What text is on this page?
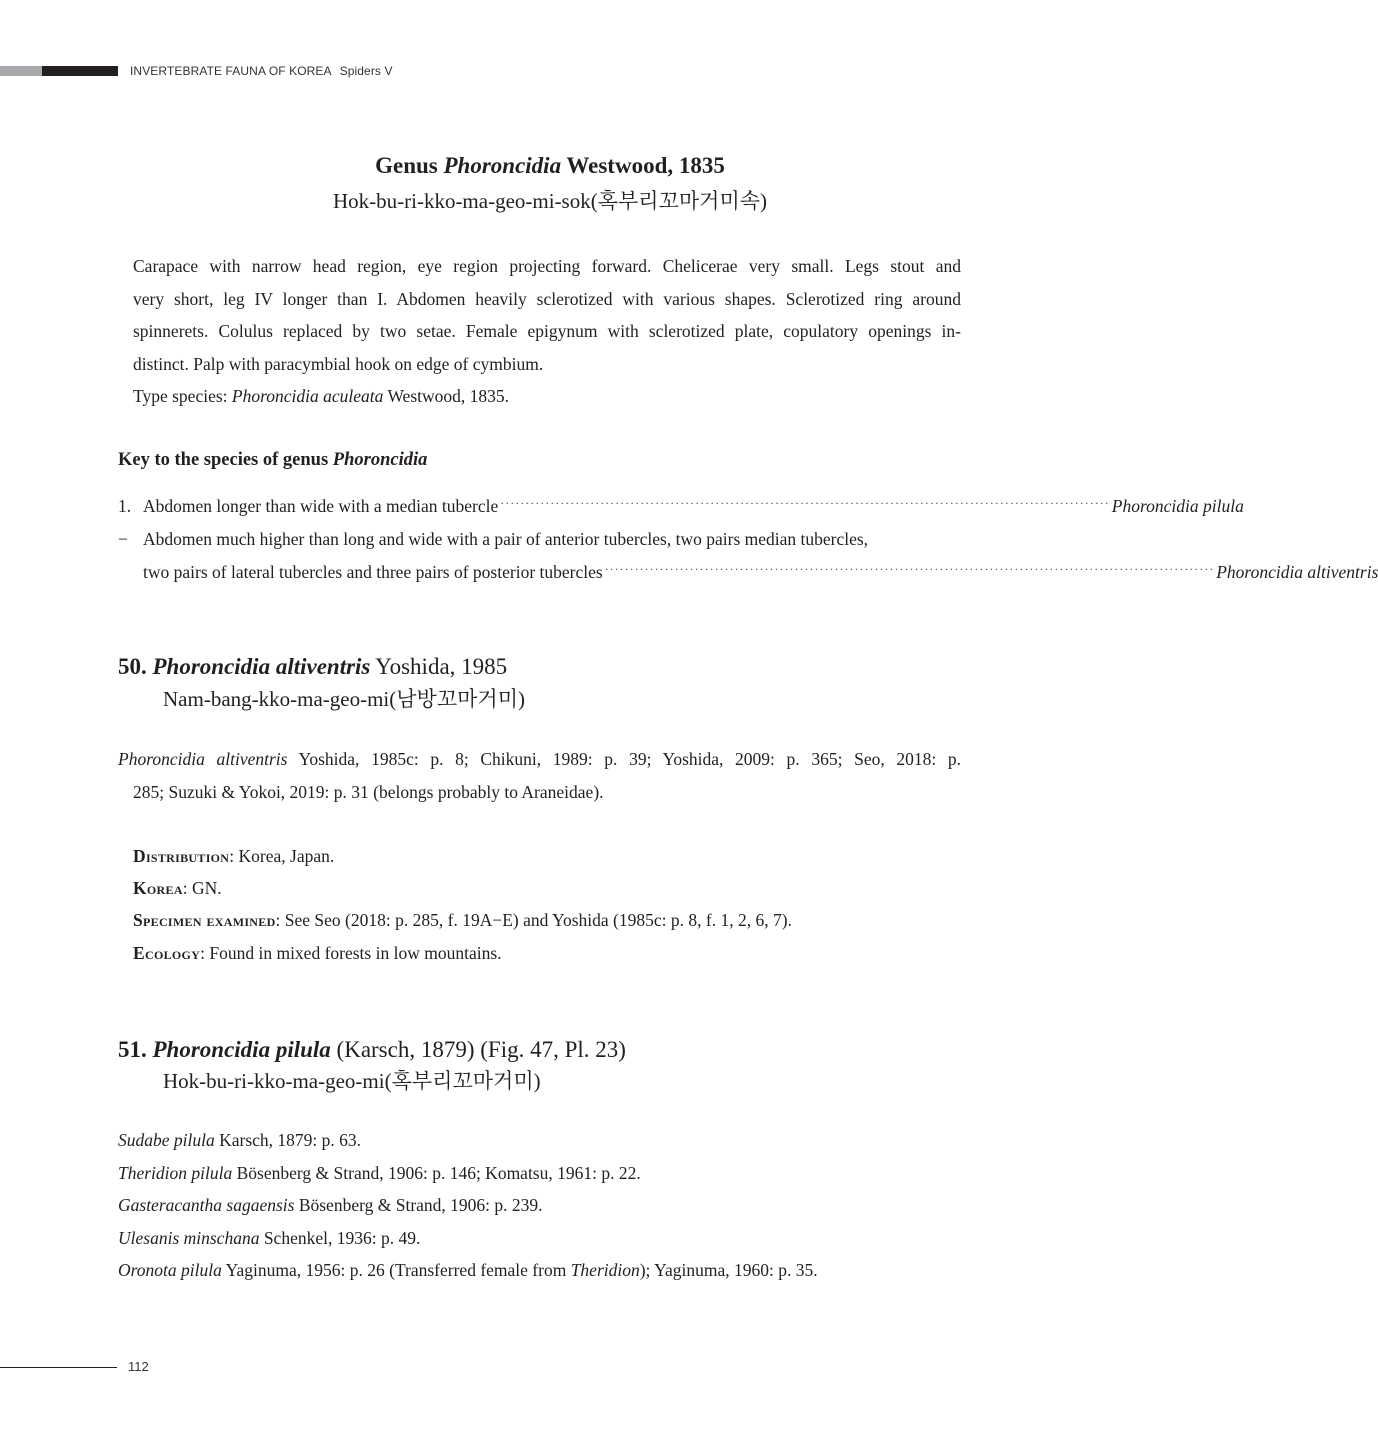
INVERTEBRATE FAUNA OF KOREA Spiders V
Genus Phoroncidia Westwood, 1835
Hok-bu-ri-kko-ma-geo-mi-sok(혹부리꼬마거미속)
Carapace with narrow head region, eye region projecting forward. Chelicerae very small. Legs stout and
very short, leg IV longer than I. Abdomen heavily sclerotized with various shapes. Sclerotized ring around
spinnerets. Colulus replaced by two setae. Female epigynum with sclerotized plate, copulatory openings in-
distinct. Palp with paracymbial hook on edge of cymbium.
Type species: Phoroncidia aculeata Westwood, 1835.
Key to the species of genus Phoroncidia
1. Abdomen longer than wide with a median tubercle ·························································································································· Phoroncidia pilula
− Abdomen much higher than long and wide with a pair of anterior tubercles, two pairs median tubercles,
two pairs of lateral tubercles and three pairs of posterior tubercles ·························································································································· Phoroncidia altiventris
50. Phoroncidia altiventris Yoshida, 1985
Nam-bang-kko-ma-geo-mi(남방꼬마거미)
Phoroncidia altiventris Yoshida, 1985c: p. 8; Chikuni, 1989: p. 39; Yoshida, 2009: p. 365; Seo, 2018: p.
285; Suzuki & Yokoi, 2019: p. 31 (belongs probably to Araneidae).
Distribution: Korea, Japan.
Korea: GN.
Specimen examined: See Seo (2018: p. 285, f. 19A−E) and Yoshida (1985c: p. 8, f. 1, 2, 6, 7).
Ecology: Found in mixed forests in low mountains.
51. Phoroncidia pilula (Karsch, 1879) (Fig. 47, Pl. 23)
Hok-bu-ri-kko-ma-geo-mi(혹부리꼬마거미)
Sudabe pilula Karsch, 1879: p. 63.
Theridion pilula Bösenberg & Strand, 1906: p. 146; Komatsu, 1961: p. 22.
Gasteracantha sagaensis Bösenberg & Strand, 1906: p. 239.
Ulesanis minschana Schenkel, 1936: p. 49.
Oronota pilula Yaginuma, 1956: p. 26 (Transferred female from Theridion); Yaginuma, 1960: p. 35.
112
